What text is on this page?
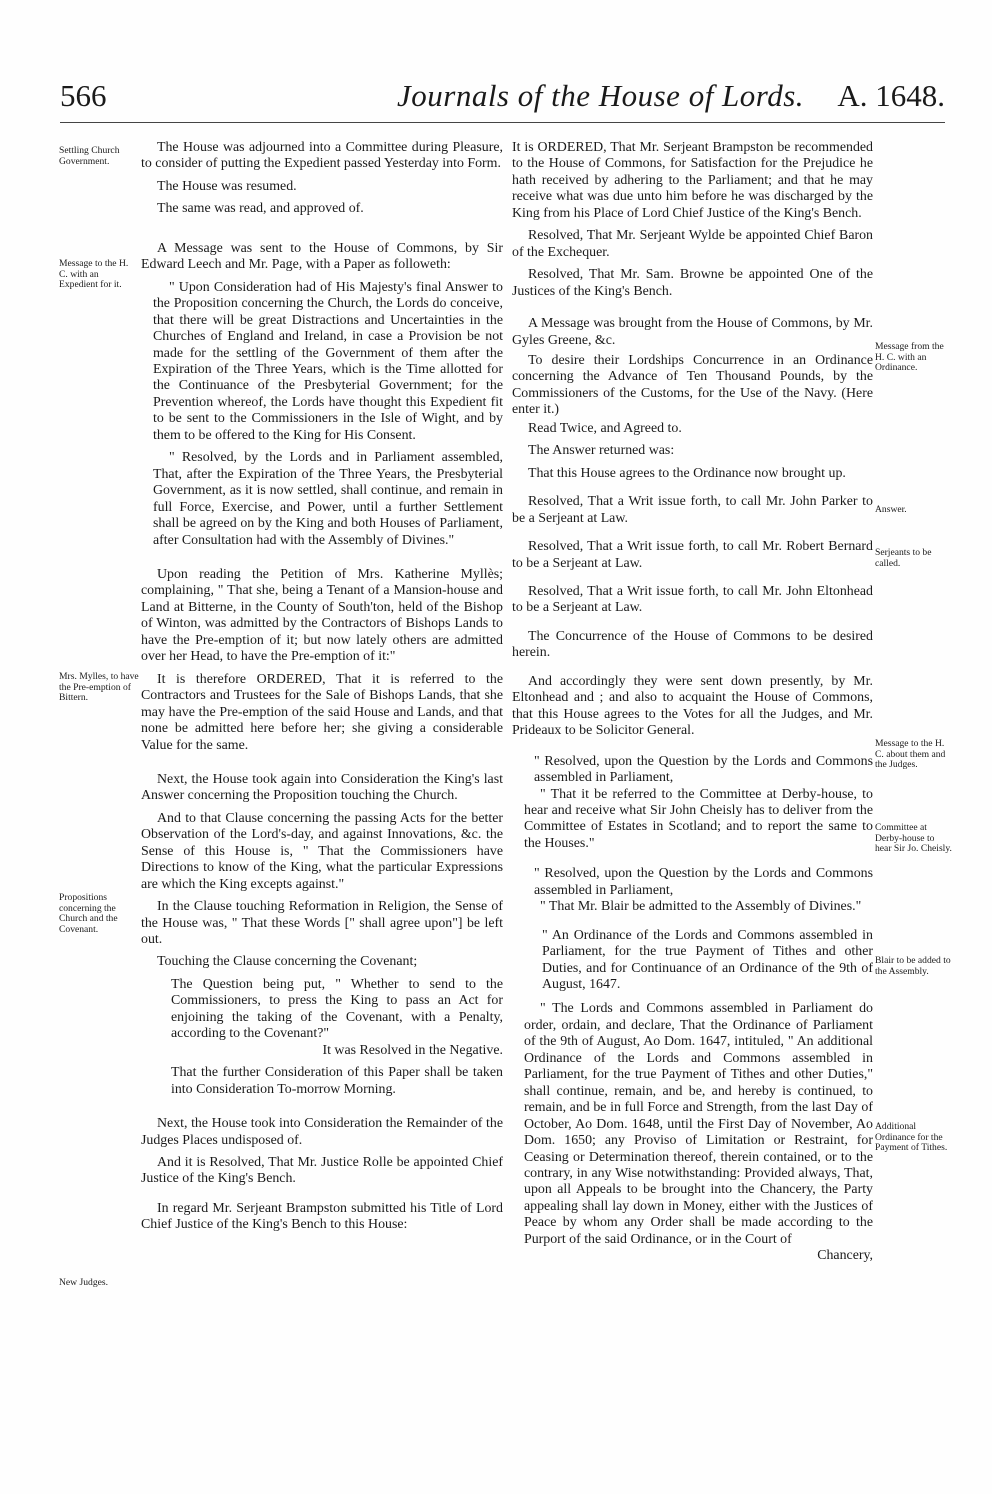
566	Journals of the House of Lords. A. 1648.
Settling Church Government.
Message to the H. C. with an Expedient for it.
Mrs. Mylles, to have the Pre-emption of Bittern.
Propositions concerning the Church and the Covenant.
New Judges.
Message from the H. C. with an Ordinance.
Answer.
Serjeants to be called.
Message to the H. C. about them and the Judges.
Committee at Derby-house to hear Sir Jo. Cheisly.
Blair to be added to the Assembly.
Additional Ordinance for the Payment of Tithes.

The House was adjourned into a Committee during Pleasure, to consider of putting the Expedient passed Yesterday into Form.

The House was resumed.

The same was read, and approved of.

A Message was sent to the House of Commons, by Sir Edward Leech and Mr. Page, with a Paper as followeth:

" Upon Consideration had of His Majesty's final Answer to the Proposition concerning the Church, the Lords do conceive, that there will be great Distractions and Uncertainties in the Churches of England and Ireland, in case a Provision be not made for the settling of the Government of them after the Expiration of the Three Years, which is the Time allotted for the Continuance of the Presbyterial Government; for the Prevention whereof, the Lords have thought this Expedient fit to be sent to the Commissioners in the Isle of Wight, and by them to be offered to the King for His Consent.

" Resolved, by the Lords and in Parliament assembled, That, after the Expiration of the Three Years, the Presbyterial Government, as it is now settled, shall continue, and remain in full Force, Exercise, and Power, until a further Settlement shall be agreed on by the King and both Houses of Parliament, after Consultation had with the Assembly of Divines."

Upon reading the Petition of Mrs. Katherine Myllès; complaining, " That she, being a Tenant of a Mansion-house and Land at Bitterne, in the County of South'ton, held of the Bishop of Winton, was admitted by the Contractors of Bishops Lands to have the Pre-emption of it; but now lately others are admitted over her Head, to have the Pre-emption of it:"

It is therefore ORDERED, That it is referred to the Contractors and Trustees for the Sale of Bishops Lands, that she may have the Pre-emption of the said House and Lands, and that none be admitted here before her; she giving a considerable Value for the same.

Next, the House took again into Consideration the King's last Answer concerning the Proposition touching the Church.

And to that Clause concerning the passing Acts for the better Observation of the Lord's-day, and against Innovations, &c. the Sense of this House is, " That the Commissioners have Directions to know of the King, what the particular Expressions are which the King excepts against."

In the Clause touching Reformation in Religion, the Sense of the House was, " That these Words [" shall agree upon"] be left out.

Touching the Clause concerning the Covenant;

The Question being put, " Whether to send to the Commissioners, to press the King to pass an Act for enjoining the taking of the Covenant, with a Penalty, according to the Covenant?"

It was Resolved in the Negative.

That the further Consideration of this Paper shall be taken into Consideration To-morrow Morning.

Next, the House took into Consideration the Remainder of the Judges Places undisposed of.

And it is Resolved, That Mr. Justice Rolle be appointed Chief Justice of the King's Bench.

In regard Mr. Serjeant Brampston submitted his Title of Lord Chief Justice of the King's Bench to this House:

It is ORDERED, That Mr. Serjeant Brampston be recommended to the House of Commons, for Satisfaction for the Prejudice he hath received by adhering to the Parliament; and that he may receive what was due unto him before he was discharged by the King from his Place of Lord Chief Justice of the King's Bench.

Resolved, That Mr. Serjeant Wylde be appointed Chief Baron of the Exchequer.

Resolved, That Mr. Sam. Browne be appointed One of the Justices of the King's Bench.

A Message was brought from the House of Commons, by Mr. Gyles Greene, &c.

To desire their Lordships Concurrence in an Ordinance concerning the Advance of Ten Thousand Pounds, by the Commissioners of the Customs, for the Use of the Navy. (Here enter it.)

Read Twice, and Agreed to.

The Answer returned was:

That this House agrees to the Ordinance now brought up.

Resolved, That a Writ issue forth, to call Mr. John Parker to be a Serjeant at Law.

Resolved, That a Writ issue forth, to call Mr. Robert Bernard to be a Serjeant at Law.

Resolved, That a Writ issue forth, to call Mr. John Eltonhead to be a Serjeant at Law.

The Concurrence of the House of Commons to be desired herein.

And accordingly they were sent down presently, by Mr. Eltonhead and ; and also to acquaint the House of Commons, that this House agrees to the Votes for all the Judges, and Mr. Prideaux to be Solicitor General.

" Resolved, upon the Question by the Lords and Commons assembled in Parliament,

" That it be referred to the Committee at Derby-house, to hear and receive what Sir John Cheisly has to deliver from the Committee of Estates in Scotland; and to report the same to the Houses."

" Resolved, upon the Question by the Lords and Commons assembled in Parliament,

" That Mr. Blair be admitted to the Assembly of Divines."

" An Ordinance of the Lords and Commons assembled in Parliament, for the true Payment of Tithes and other Duties, and for Continuance of an Ordinance of the 9th of August, 1647.

" The Lords and Commons assembled in Parliament do order, ordain, and declare, That the Ordinance of Parliament of the 9th of August, Ao Dom. 1647, intituled, " An additional Ordinance of the Lords and Commons assembled in Parliament, for the true Payment of Tithes and other Duties," shall continue, remain, and be, and hereby is continued, to remain, and be in full Force and Strength, from the last Day of October, Ao Dom. 1648, until the First Day of November, Ao Dom. 1650; any Proviso of Limitation or Restraint, for Ceasing or Determination thereof, therein contained, or to the contrary, in any Wise notwithstanding: Provided always, That, upon all Appeals to be brought into the Chancery, the Party appealing shall lay down in Money, either with the Justices of Peace by whom any Order shall be made according to the Purport of the said Ordinance, or in the Court of

Chancery,
